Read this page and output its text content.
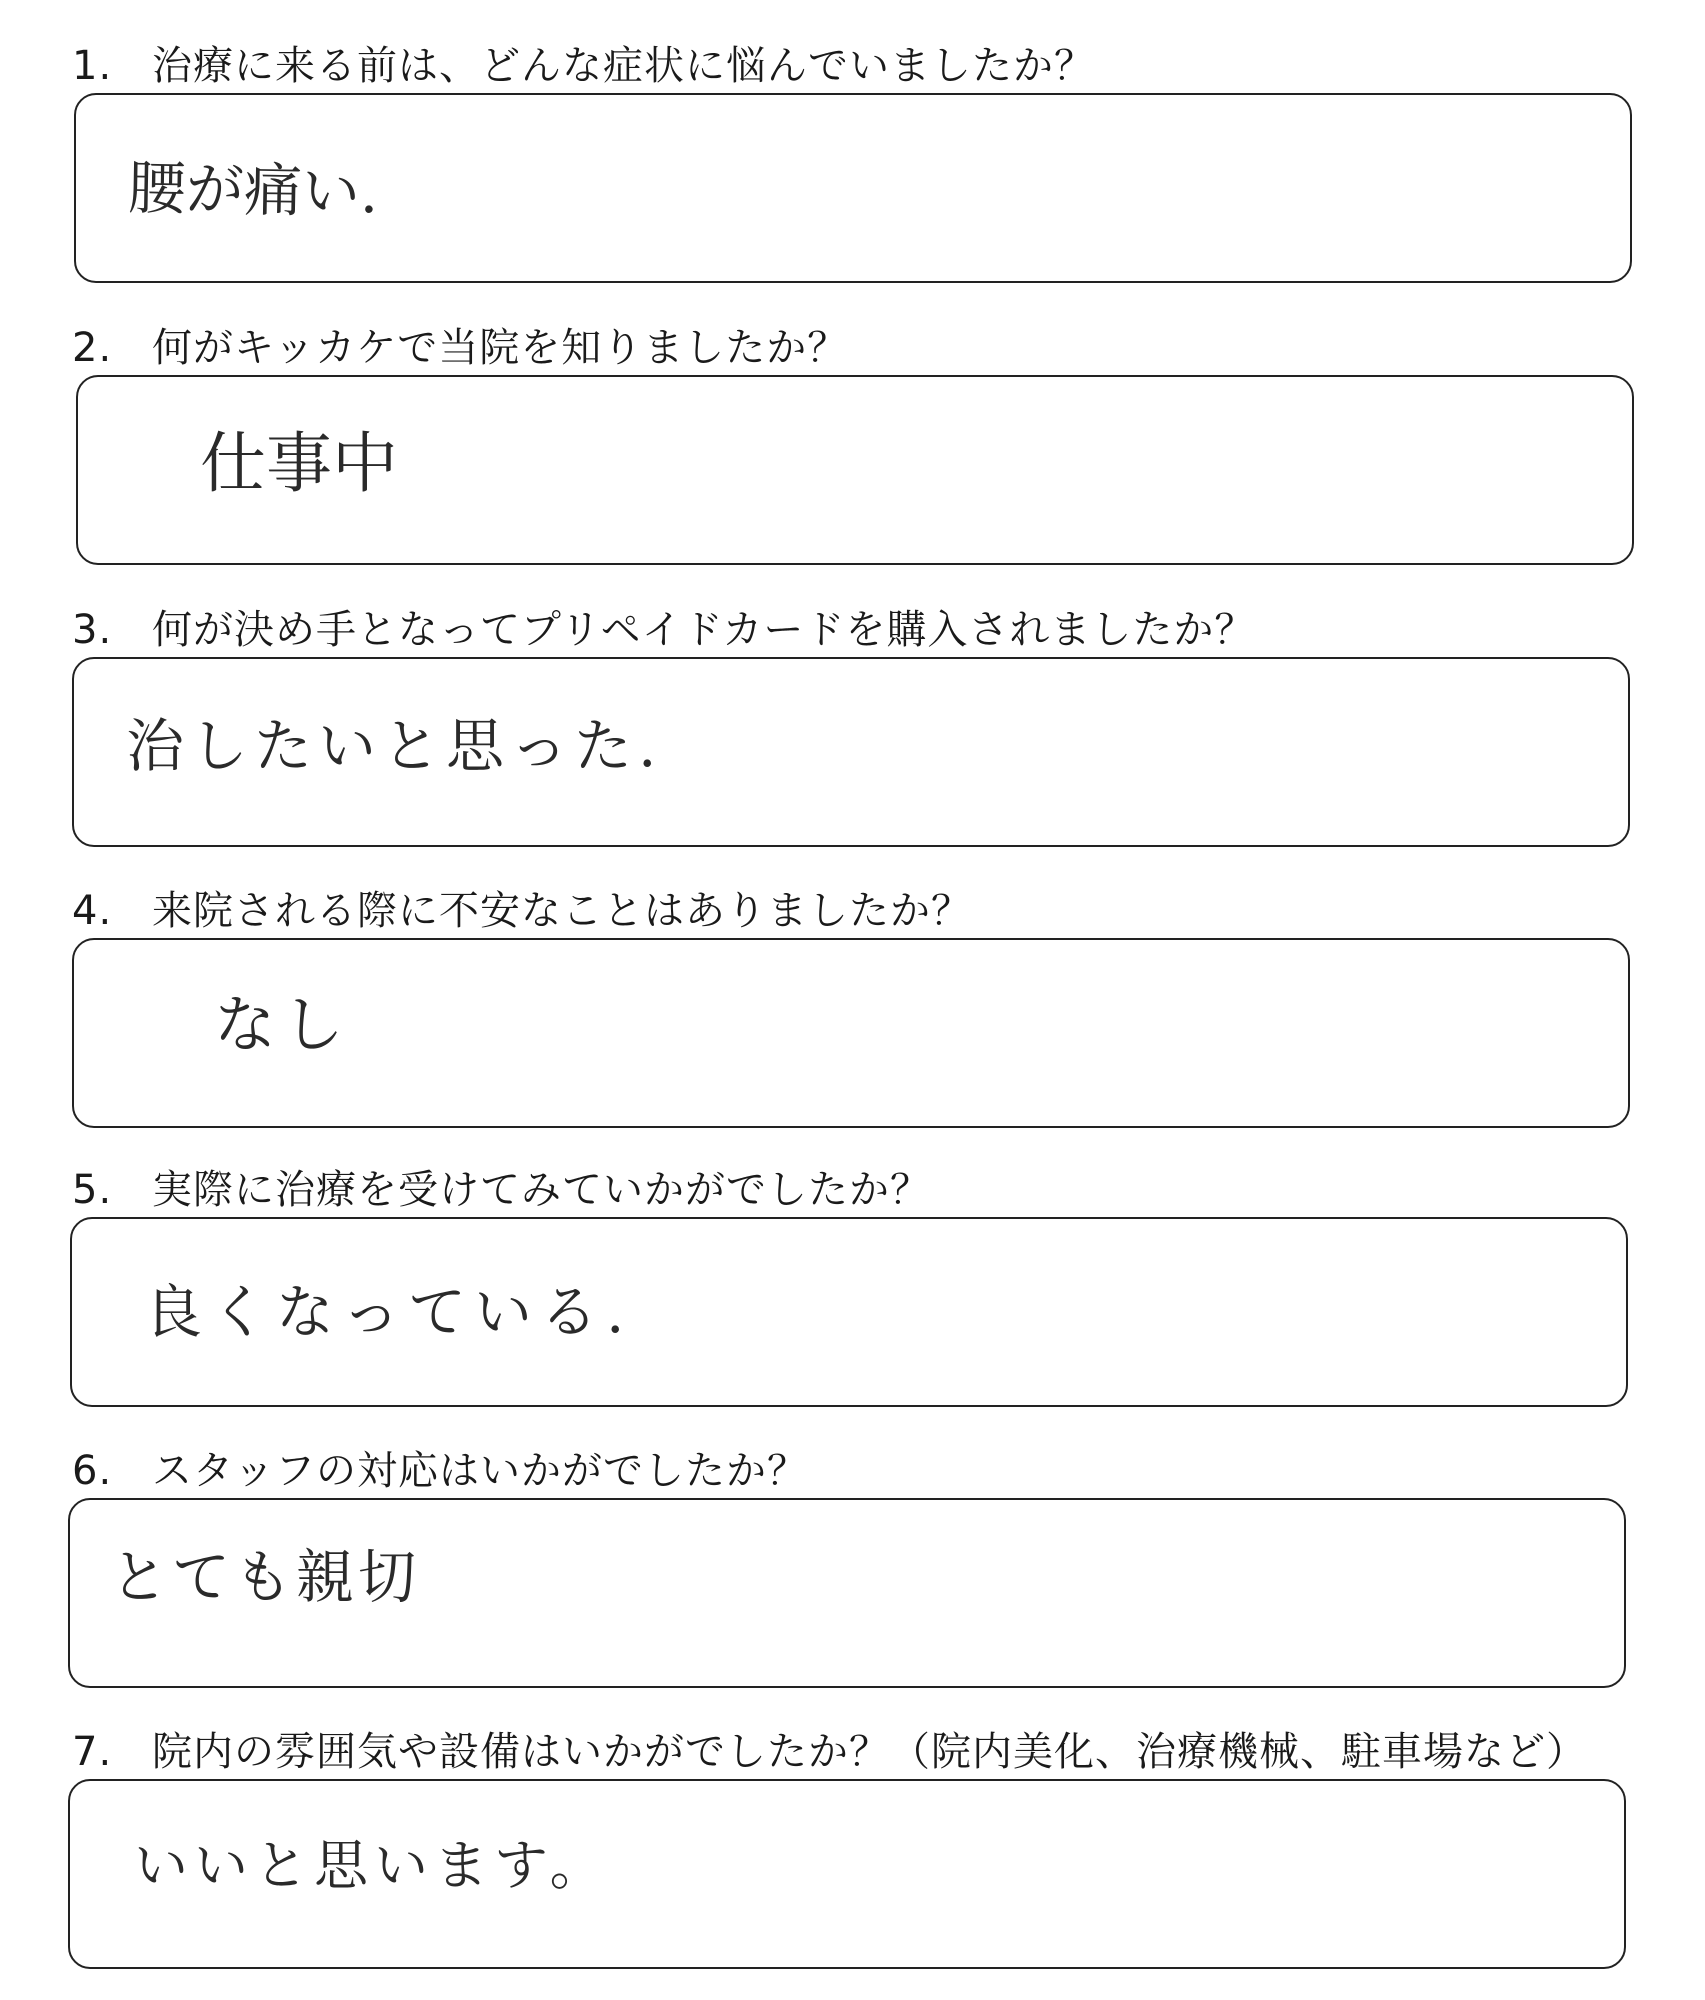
1. 治療に来る前は、どんな症状に悩んでいましたか？
腰が痛い.
2. 何がキッカケで当院を知りましたか？
仕事中
3. 何が決め手となってプリペイドカードを購入されましたか？
治したいと思った.
4. 来院される際に不安なことはありましたか？
なし
5. 実際に治療を受けてみていかがでしたか？
良くなっている.
6. スタッフの対応はいかがでしたか？
とても親切
7. 院内の雰囲気や設備はいかがでしたか？（院内美化、治療機械、駐車場など）
いいと思います。
